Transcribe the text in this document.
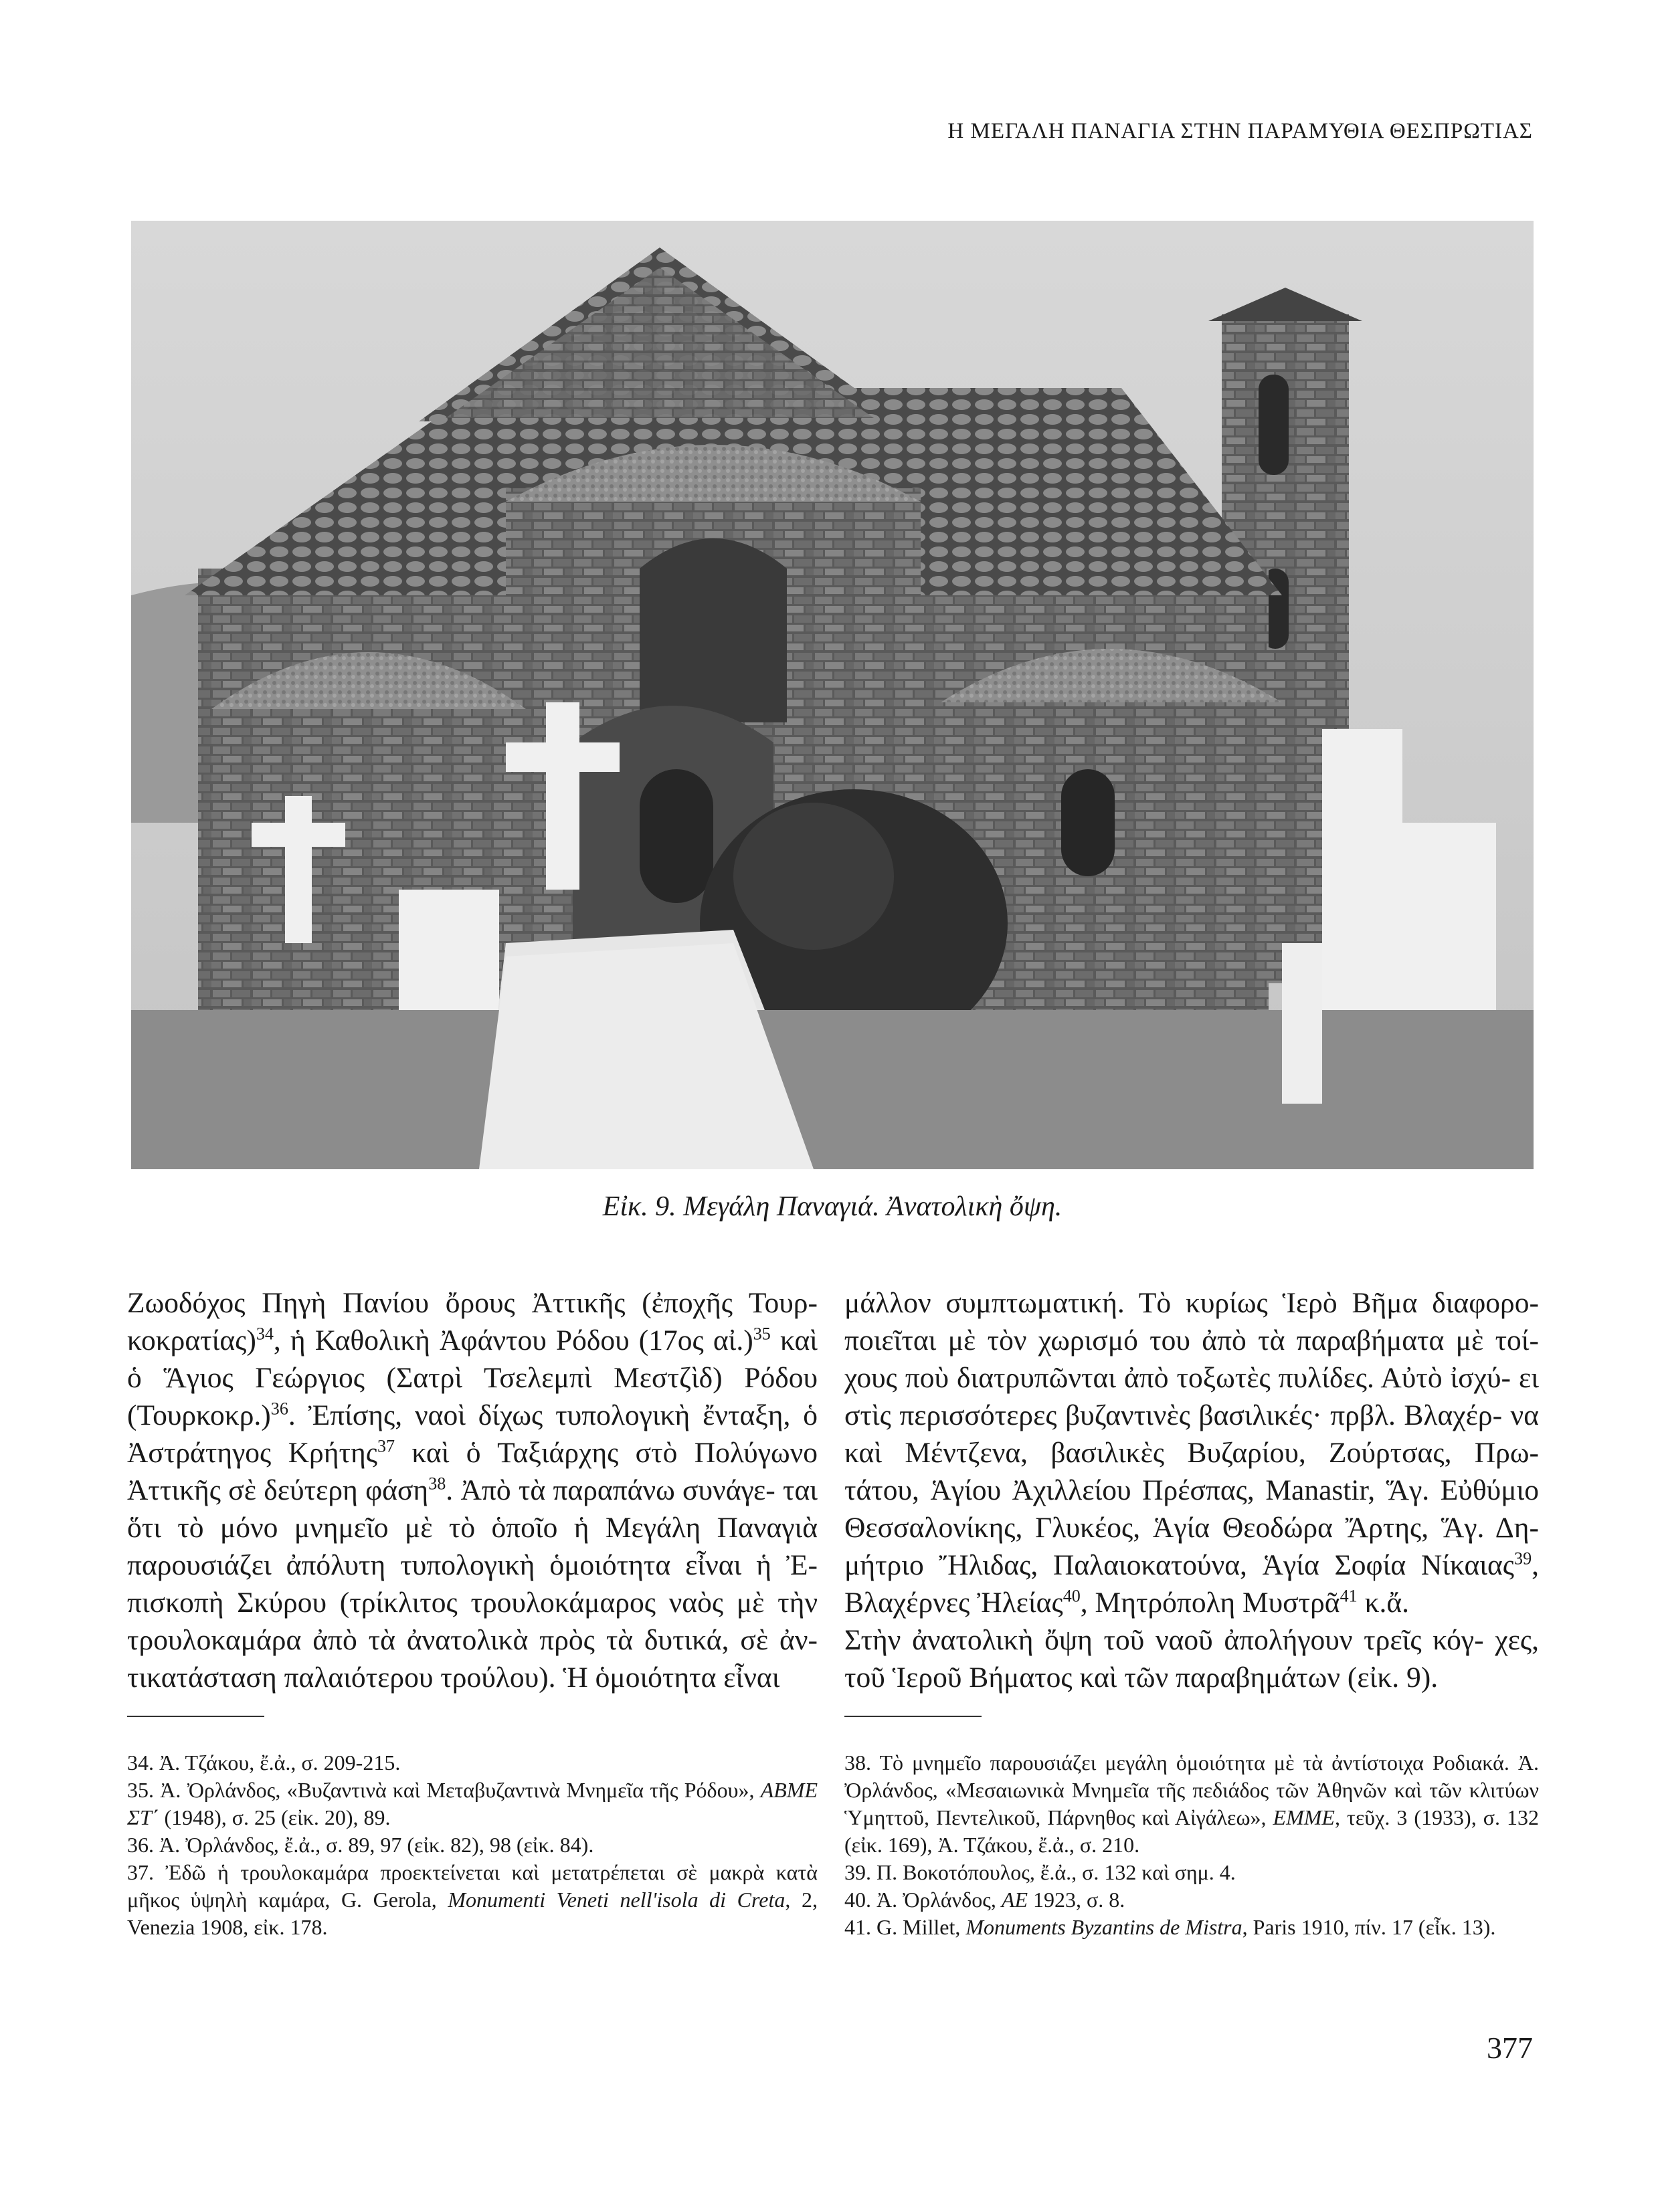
Η ΜΕΓΑΛΗ ΠΑΝΑΓΙΑ ΣΤΗΝ ΠΑΡΑΜΥΘΙΑ ΘΕΣΠΡΩΤΙΑΣ
Εἰκ. 9. Μεγάλη Παναγιά. Ἀνατολικὴ ὄψη.

Ζωοδόχος Πηγὴ Πανίου ὄρους Ἀττικῆς (ἐποχῆς Τουρ- κοκρατίας)$^{34}$, ἡ Καθολικὴ Ἀφάντου Ρόδου (17ος αἰ.)$^{35}$ καὶ ὁ Ἅγιος Γεώργιος (Σατρὶ Τσελεμπὶ Μεστζὶδ) Ρόδου $(To\upsilon\rho\kappa o\kappa\rho.)^{36}$. Ἐπίσης, ναοὶ δίχως τυπολογικὴ ἔνταξη, ὁ Ἀστράτηγος Κρήτης$^{37}$ καὶ ὁ Ταξιάρχης στὸ Πολύγωνο Ἀττικῆς σὲ δεύτερη φάση$^{38}$. Ἀπὸ τὰ παραπάνω συνάγε- ται ὅτι τὸ μόνο μνημεῖο μὲ τὸ ὁποῖο ἡ Μεγάλη Παναγιὰ παρουσιάζει ἀπόλυτη τυπολογικὴ ὁμοιότητα εἶναι ἡ Ἐ- πισκοπὴ Σκύρου (τρίκλιτος τρουλοκάμαρος ναὸς μὲ τὴν τρουλοκαμάρα ἀπὸ τὰ ἀνατολικὰ πρὸς τὰ δυτικά, σὲ ἀν- τικατάσταση παλαιότερου τρούλου). Ἡ ὁμοιότητα εἶναι

μάλλον συμπτωματική. Τὸ κυρίως Ἱερὸ Βῆμα διαφορο- ποιεῖται μὲ τὸν χωρισμό του ἀπὸ τὰ παραβήματα μὲ τοί- χους ποὺ διατρυπῶνται ἀπὸ τοξωτὲς πυλίδες. Αὐτὸ ἰσχύ- ει στὶς περισσότερες βυζαντινὲς βασιλικές· πρβλ. Βλαχέρ- να καὶ Μέντζενα, βασιλικὲς Βυζαρίου, Ζούρτσας, Πρω- τάτου, Ἁγίου Ἀχιλλείου Πρέσπας, Manastir, Ἅγ. Εὐθύμιο Θεσσαλονίκης, Γλυκέος, Ἁγία Θεοδώρα Ἄρτης, Ἅγ. Δη- μήτριο Ἤλιδας, Παλαιοκατούνα, Ἁγία Σοφία Νίκαιας$^{39}$, Βλαχέρνες Ἠλείας$^{40}$, Μητρόπολη Μυστρᾶ$^{41}$ κ.ἄ.

Στὴν ἀνατολικὴ ὄψη τοῦ ναοῦ ἀπολήγουν τρεῖς κόγ- χες, τοῦ Ἱεροῦ Βήματος καὶ τῶν παραβημάτων (εἰκ. 9).

34. Ἀ. Τζάκου, ἔ.ἀ., σ. 209-215.

35. Ἀ. Ὀρλάνδος, «Βυζαντινὰ καὶ Μεταβυζαντινὰ Μνημεῖα τῆς Ρόδου», ΑΒΜΕ ΣΤ΄ (1948), σ. 25 (εἰκ. 20), 89.

36. Ἀ. Ὀρλάνδος, ἔ.ἀ., σ. 89, 97 (εἰκ. 82), 98 (εἰκ. 84).

37. Ἐδῶ ἡ τρουλοκαμάρα προεκτείνεται καὶ μετατρέπεται σὲ μακρὰ κατὰ μῆκος ὑψηλὴ καμάρα, G. Gerola, Monumenti Veneti nell'isola di Creta, 2, Venezia 1908, εἰκ. 178.

38. Τὸ μνημεῖο παρουσιάζει μεγάλη ὁμοιότητα μὲ τὰ ἀντίστοιχα Ροδιακά. Ἀ. Ὀρλάνδος, «Μεσαιωνικὰ Μνημεῖα τῆς πεδιάδος τῶν Ἀθηνῶν καὶ τῶν κλιτύων Ὑμηττοῦ, Πεντελικοῦ, Πάρνηθος καὶ Αἰγάλεω», ΕΜΜΕ, τεῦχ. 3 (1933), σ. 132 (εἰκ. 169), Ἀ. Τζάκου, ἔ.ἀ., σ. 210.

39. Π. Βοκοτόπουλος, ἔ.ἀ., σ. 132 καὶ σημ. 4.

40. Ἀ. Ὀρλάνδος, ΑΕ 1923, σ. 8.

41. G. Millet, Monuments Byzantins de Mistra, Paris 1910, πίν. 17 (εἶκ. 13).

377
